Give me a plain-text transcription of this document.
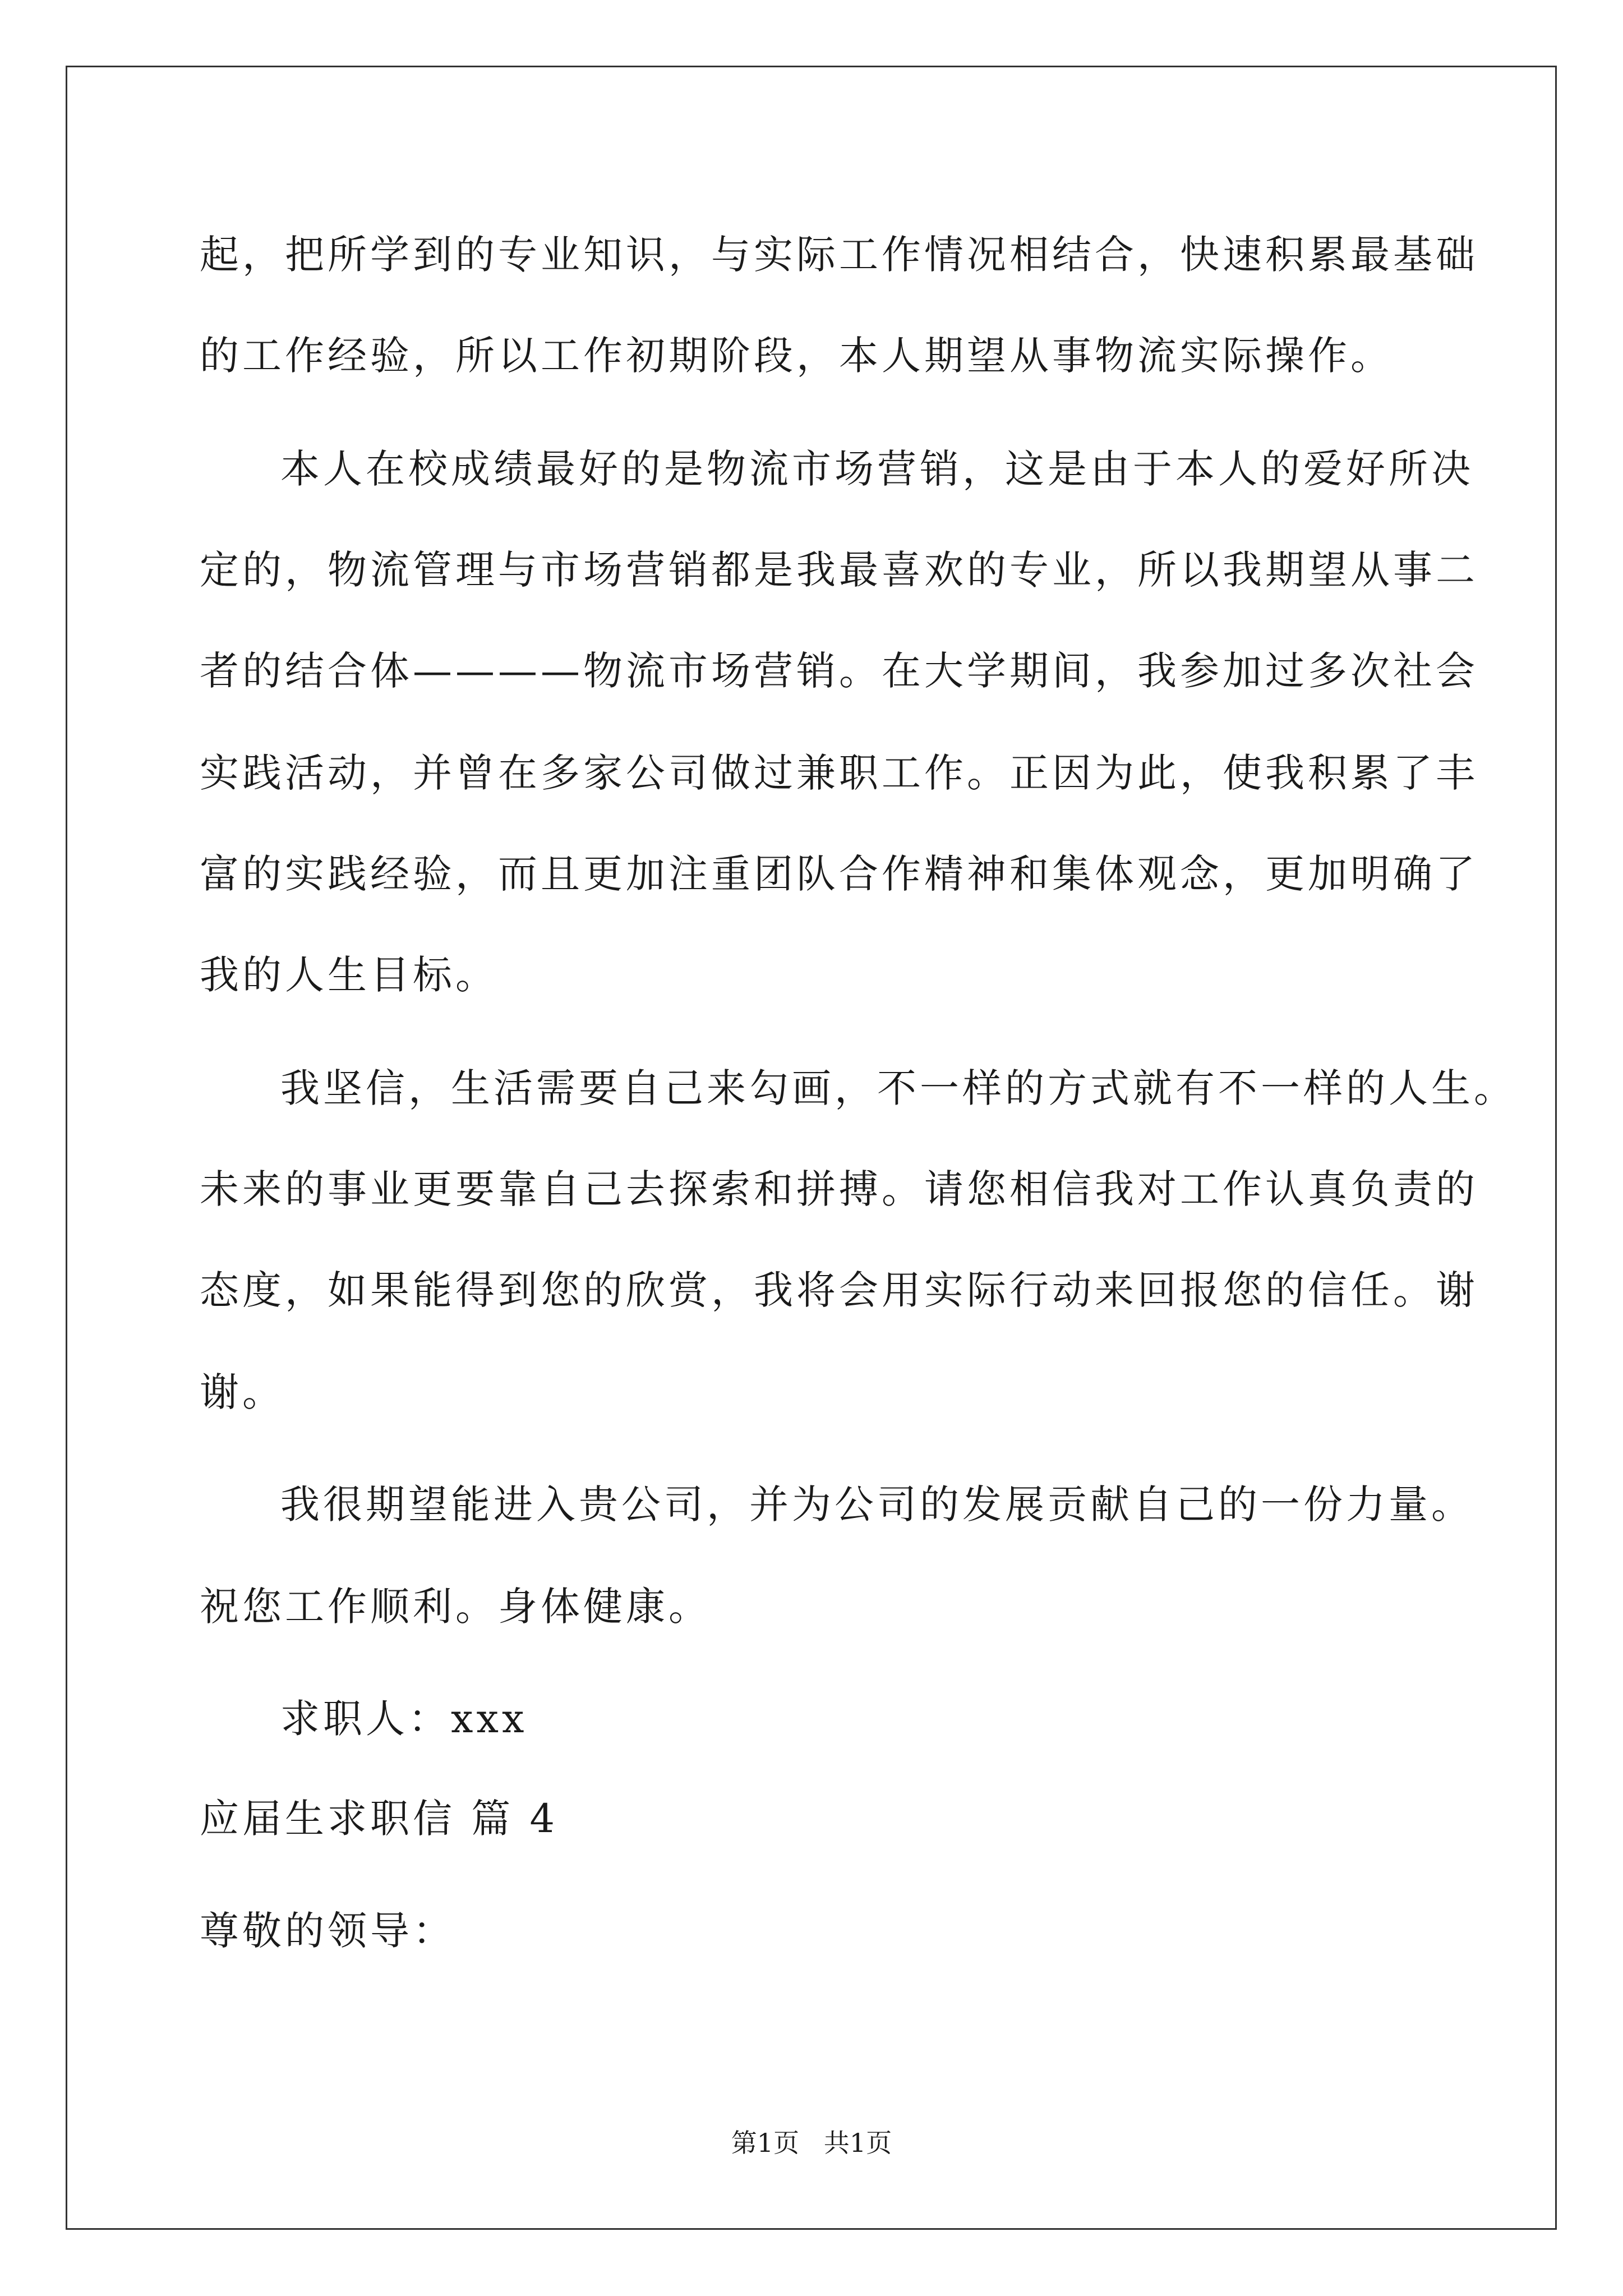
起，把所学到的专业知识，与实际工作情况相结合，快速积累最基础
的工作经验，所以工作初期阶段，本人期望从事物流实际操作。
本人在校成绩最好的是物流市场营销，这是由于本人的爱好所决
定的，物流管理与市场营销都是我最喜欢的专业，所以我期望从事二
者的结合体————物流市场营销。在大学期间，我参加过多次社会
实践活动，并曾在多家公司做过兼职工作。正因为此，使我积累了丰
富的实践经验，而且更加注重团队合作精神和集体观念，更加明确了
我的人生目标。
我坚信，生活需要自己来勾画，不一样的方式就有不一样的人生。
未来的事业更要靠自己去探索和拼搏。请您相信我对工作认真负责的
态度，如果能得到您的欣赏，我将会用实际行动来回报您的信任。谢
谢。
我很期望能进入贵公司，并为公司的发展贡献自己的一份力量。
祝您工作顺利。身体健康。
求职人：xxx
应届生求职信 篇 4
尊敬的领导：
第1页   共1页
